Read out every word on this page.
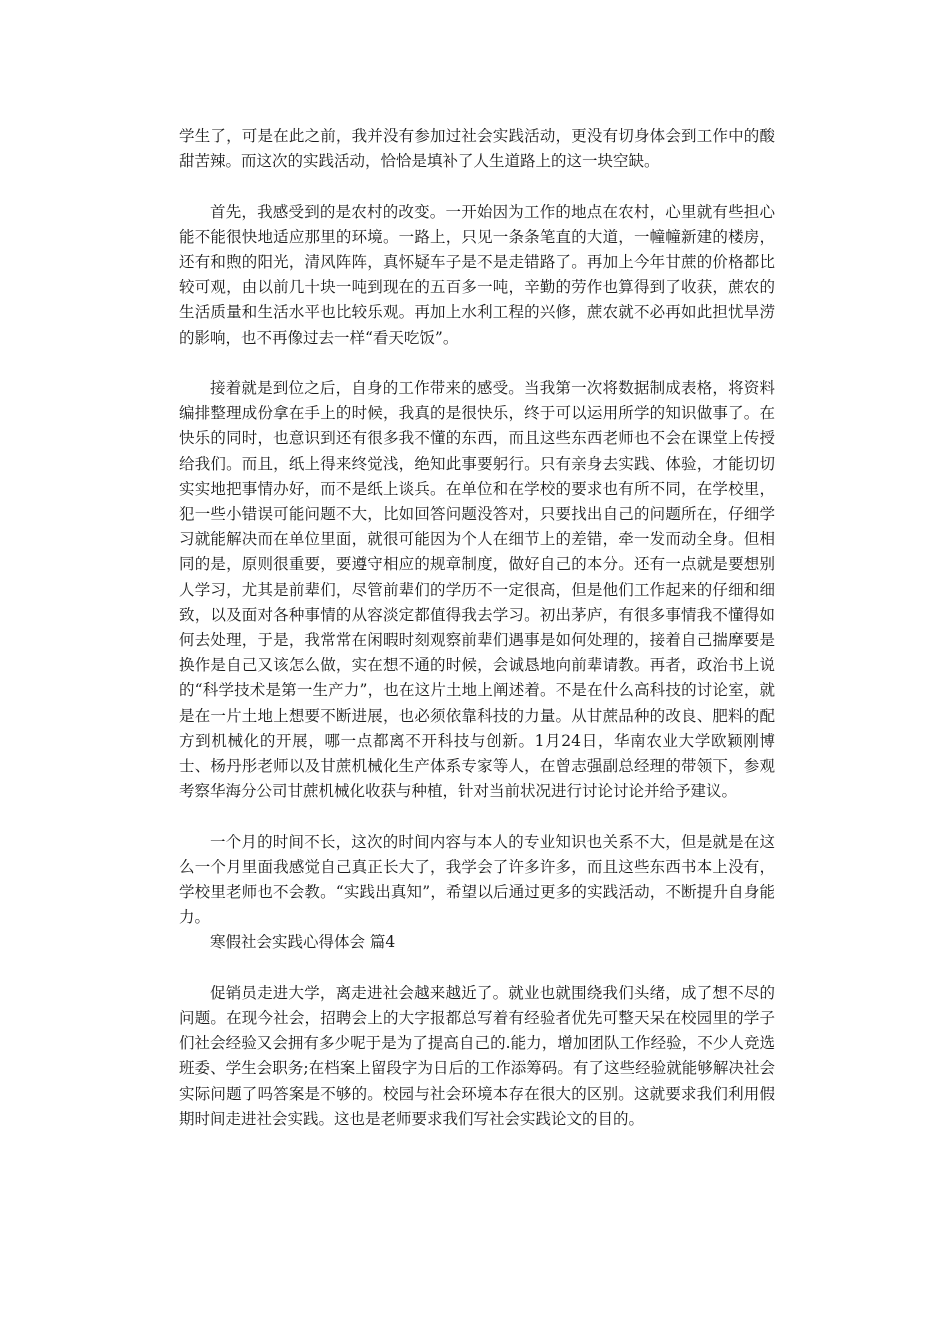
学生了，可是在此之前，我并没有参加过社会实践活动，更没有切身体会到工作中的酸甜苦辣。而这次的实践活动，恰恰是填补了人生道路上的这一块空缺。

首先，我感受到的是农村的改变。一开始因为工作的地点在农村，心里就有些担心能不能很快地适应那里的环境。一路上，只见一条条笔直的大道，一幢幢新建的楼房，还有和煦的阳光，清风阵阵，真怀疑车子是不是走错路了。再加上今年甘蔗的价格都比较可观，由以前几十块一吨到现在的五百多一吨，辛勤的劳作也算得到了收获，蔗农的生活质量和生活水平也比较乐观。再加上水利工程的兴修，蔗农就不必再如此担忧旱涝的影响，也不再像过去一样“看天吃饭”。

接着就是到位之后，自身的工作带来的感受。当我第一次将数据制成表格，将资料编排整理成份拿在手上的时候，我真的是很快乐，终于可以运用所学的知识做事了。在快乐的同时，也意识到还有很多我不懂的东西，而且这些东西老师也不会在课堂上传授给我们。而且，纸上得来终觉浅，绝知此事要躬行。只有亲身去实践、体验，才能切切实实地把事情办好，而不是纸上谈兵。在单位和在学校的要求也有所不同，在学校里，犯一些小错误可能问题不大，比如回答问题没答对，只要找出自己的问题所在，仔细学习就能解决而在单位里面，就很可能因为个人在细节上的差错，牵一发而动全身。但相同的是，原则很重要，要遵守相应的规章制度，做好自己的本分。还有一点就是要想别人学习，尤其是前辈们，尽管前辈们的学历不一定很高，但是他们工作起来的仔细和细致，以及面对各种事情的从容淡定都值得我去学习。初出茅庐，有很多事情我不懂得如何去处理，于是，我常常在闲暇时刻观察前辈们遇事是如何处理的，接着自己揣摩要是换作是自己又该怎么做，实在想不通的时候，会诚恳地向前辈请教。再者，政治书上说的“科学技术是第一生产力”，也在这片土地上阐述着。不是在什么高科技的讨论室，就是在一片土地上想要不断进展，也必须依靠科技的力量。从甘蔗品种的改良、肥料的配方到机械化的开展，哪一点都离不开科技与创新。1月24日，华南农业大学欧颖刚博士、杨丹彤老师以及甘蔗机械化生产体系专家等人，在曾志强副总经理的带领下，参观考察华海分公司甘蔗机械化收获与种植，针对当前状况进行讨论讨论并给予建议。

一个月的时间不长，这次的时间内容与本人的专业知识也关系不大，但是就是在这么一个月里面我感觉自己真正长大了，我学会了许多许多，而且这些东西书本上没有，学校里老师也不会教。“实践出真知”，希望以后通过更多的实践活动，不断提升自身能力。

寒假社会实践心得体会 篇4

促销员走进大学，离走进社会越来越近了。就业也就围绕我们头绪，成了想不尽的问题。在现今社会，招聘会上的大字报都总写着有经验者优先可整天呆在校园里的学子们社会经验又会拥有多少呢于是为了提高自己的.能力，增加团队工作经验，不少人竞选班委、学生会职务;在档案上留段字为日后的工作添筹码。有了这些经验就能够解决社会实际问题了吗答案是不够的。校园与社会环境本存在很大的区别。这就要求我们利用假期时间走进社会实践。这也是老师要求我们写社会实践论文的目的。
